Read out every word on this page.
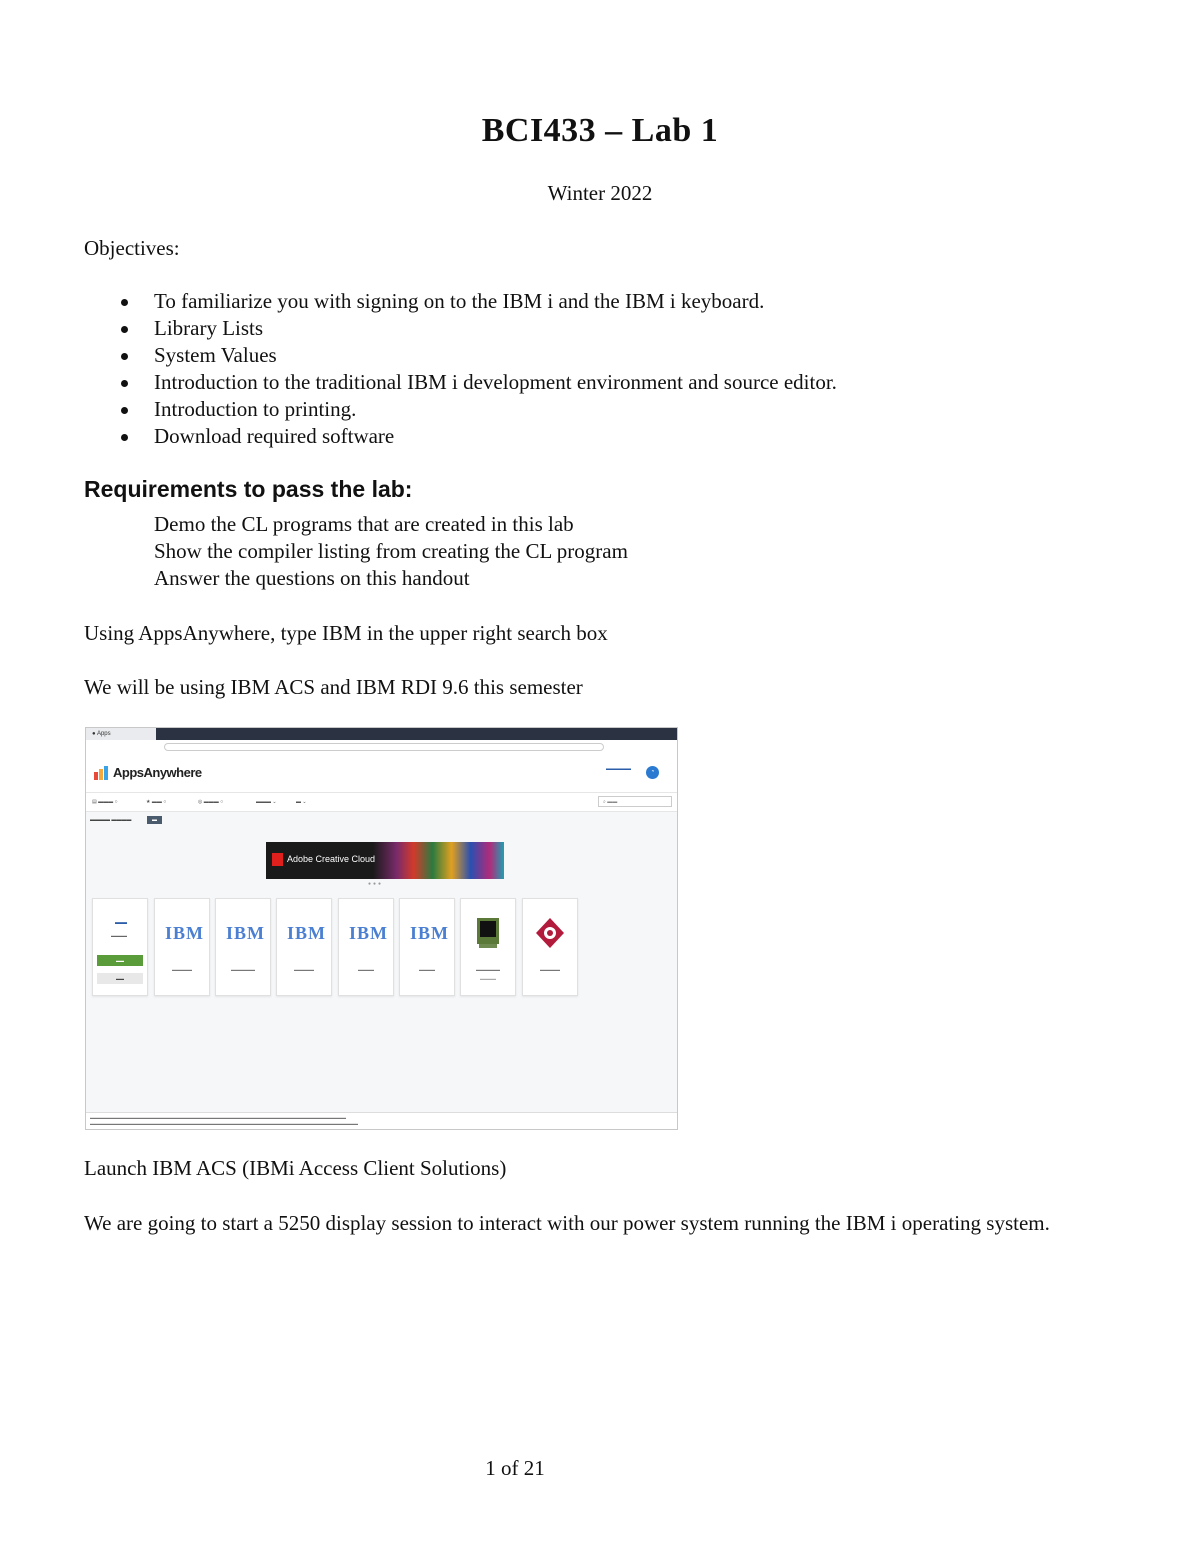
BCI433 – Lab 1
Winter 2022
Objectives:
To familiarize you with signing on to the IBM i and the IBM i keyboard.
Library Lists
System Values
Introduction to the traditional IBM i development environment and source editor.
Introduction to printing.
Download required software
Requirements to pass the lab:
Demo the CL programs that are created in this lab
Show the compiler listing from creating the CL program
Answer the questions on this handout
Using AppsAnywhere, type IBM in the upper right search box
We will be using IBM ACS and IBM RDI 9.6 this semester
● Apps
AppsAnywhere	▬▬▬▬▬	◔
▤ ▬▬▬ ○	★ ▬▬ ○	◎ ▬▬▬ ○	▬▬▬ ⌄	▬ ⌄	⌕ ▬▬
▬▬▬▬ ▬▬▬▬	▬
Adobe Creative Cloud
●●●
▬▬
▬▬▬▬
▬▬
▬▬
IBM
▬▬▬▬▬
IBM
▬▬▬▬▬▬
IBM
▬▬▬▬▬
IBM
▬▬▬▬
IBM
▬▬▬▬	▬▬▬▬▬▬
▬▬▬▬
▬▬▬▬▬
▬▬▬▬▬▬▬▬▬▬▬▬▬▬▬▬▬▬▬▬▬▬▬▬▬▬▬▬▬▬▬▬▬▬▬▬▬▬▬▬▬▬▬▬▬▬▬▬▬▬▬▬▬▬▬▬▬▬▬▬▬▬▬▬
▬▬▬▬▬▬▬▬▬▬▬▬▬▬▬▬▬▬▬▬▬▬▬▬▬▬▬▬▬▬▬▬▬▬▬▬▬▬▬▬▬▬▬▬▬▬▬▬▬▬▬▬▬▬▬▬▬▬▬▬▬▬▬▬▬▬▬
Launch IBM ACS (IBMi Access Client Solutions)
We are going to start a 5250 display session to interact with our power system running the IBM i operating system.
1 of 21
